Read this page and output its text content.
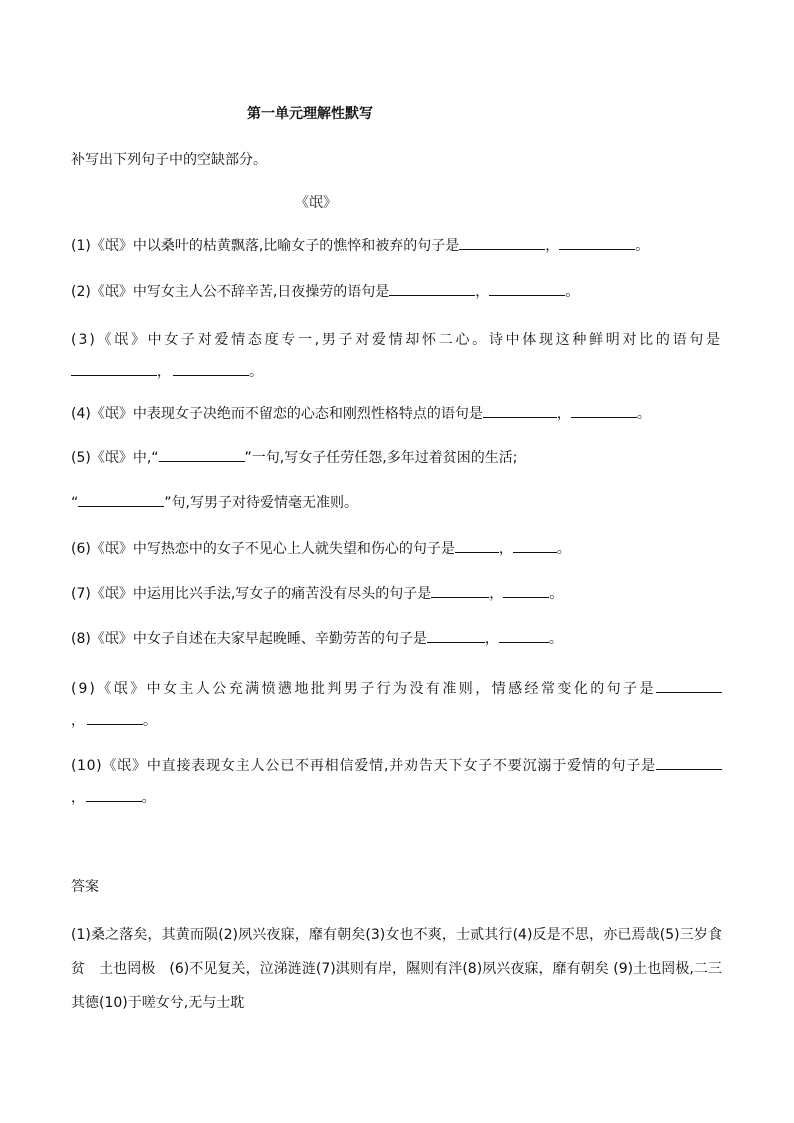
第一单元理解性默写
补写出下列句子中的空缺部分。
《氓》
(1)《氓》中以桑叶的枯黄飘落,比喻女子的憔悴和被弃的句子是	，	。
(2)《氓》中写女主人公不辞辛苦,日夜操劳的语句是	，	。
(3)《氓》中女子对爱情态度专一,男子对爱情却怀二心。诗中体现这种鲜明对比的语句是，	。
(4)《氓》中表现女子决绝而不留恋的心态和刚烈性格特点的语句是	，	。
(5)《氓》中,“	”一句,写女子任劳任怨,多年过着贫困的生活;
“	”句,写男子对待爱情毫无准则。
(6)《氓》中写热恋中的女子不见心上人就失望和伤心的句子是	，	。
(7)《氓》中运用比兴手法,写女子的痛苦没有尽头的句子是	，	。
(8)《氓》中女子自述在夫家早起晚睡、辛勤劳苦的句子是	，	。
(9)《氓》中女主人公充满愤懑地批判男子行为没有准则，情感经常变化的句子是，	。
(10)《氓》中直接表现女主人公已不再相信爱情,并劝告天下女子不要沉溺于爱情的句子是，	。
答案
(1)桑之落矣，其黄而陨(2)夙兴夜寐，靡有朝矣(3)女也不爽，士贰其行(4)反是不思，亦已焉哉(5)三岁食贫　土也罔极　(6)不见复关，泣涕涟涟(7)淇则有岸，隰则有泮(8)夙兴夜寐，靡有朝矣 (9)土也罔极,二三其德(10)于嗟女兮,无与士耽
